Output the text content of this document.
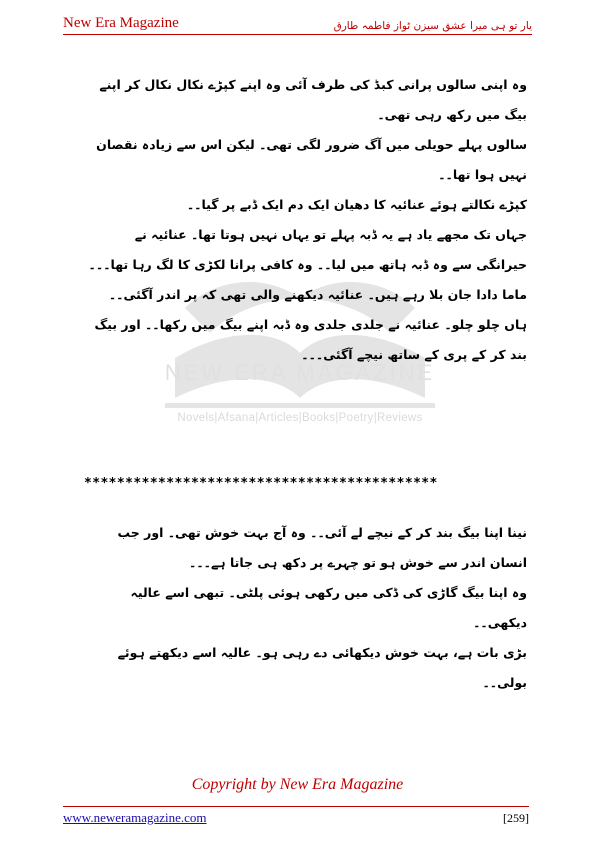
New Era Magazine	یار تو ہی میرا عشق سیزن ٹواز فاطمہ طارق
NEW ERA MAGAZINE
Novels|Afsana|Articles|Books|Poetry|Reviews

وہ اپنی سالوں پرانی کبڈ کی طرف آئی وہ اپنے کپڑے نکال نکال کر اپنے بیگ میں رکھ رہی تھی۔

سالوں پہلے حویلی میں آگ ضرور لگی تھی۔ لیکن اس سے زیادہ نقصان نہیں ہوا تھا۔۔

کپڑے نکالتے ہوئے عنائیہ کا دھیان ایک دم ایک ڈبے پر گیا۔۔

جہاں تک مجھے یاد ہے یہ ڈبہ پہلے تو یہاں نہیں ہوتا تھا۔ عنائیہ نے حیرانگی سے وہ ڈبہ ہاتھ میں لیا۔۔ وہ کافی پرانا لکڑی کا لگ رہا تھا۔۔۔

ماما دادا جان بلا رہے ہیں۔ عنائیہ دیکھنے والی تھی کہ پر اندر آگئی۔۔

ہاں چلو چلو۔ عنائیہ نے جلدی جلدی وہ ڈبہ اپنے بیگ میں رکھا۔۔ اور بیگ بند کر کے پری کے ساتھ نیچے آگئی۔۔۔

*******************************************

نینا اپنا بیگ بند کر کے نیچے لے آئی۔۔ وہ آج بہت خوش تھی۔ اور جب انسان اندر سے خوش ہو تو چہرے پر دکھ ہی جاتا ہے۔۔۔

وہ اپنا بیگ گاڑی کی ڈکی میں رکھی ہوئی پلٹی۔ تبھی اسے عالیہ دیکھی۔۔

بڑی بات ہے، بہت خوش دیکھائی دے رہی ہو۔ عالیہ اسے دیکھتے ہوئے بولی۔۔

Copyright by New Era Magazine
www.neweramagazine.com	[259]
